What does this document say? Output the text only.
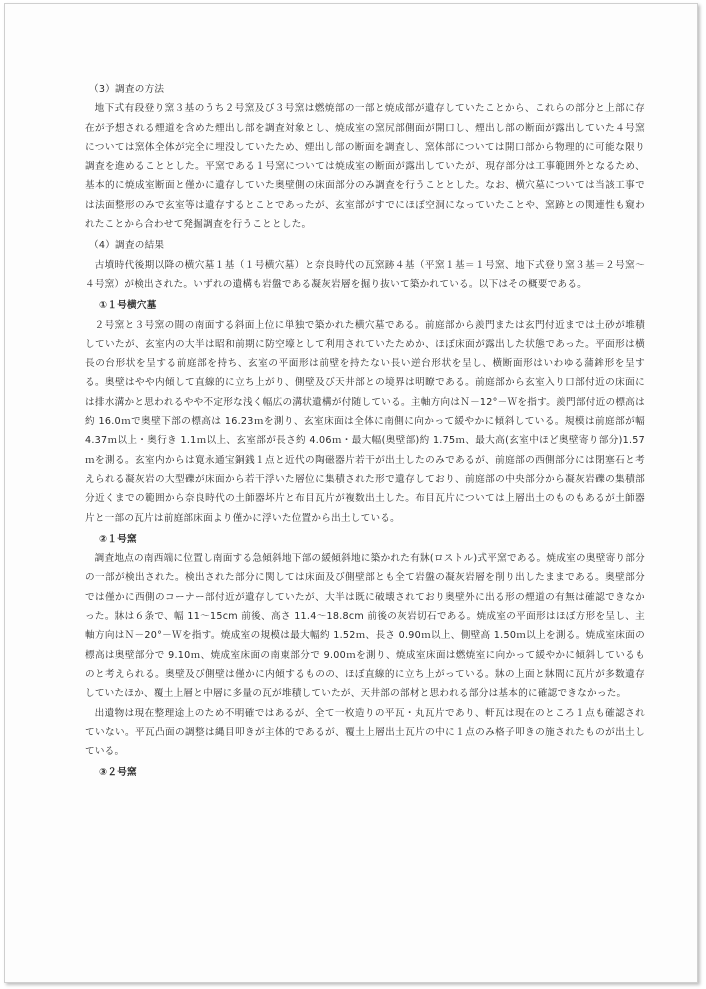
（3）調査の方法

地下式有段登り窯３基のうち２号窯及び３号窯は燃焼部の一部と焼成部が遺存していたことから、これらの部分と上部に存在が予想される煙道を含めた煙出し部を調査対象とし、焼成室の窯尻部側面が開口し、煙出し部の断面が露出していた４号窯については窯体全体が完全に埋没していたため、煙出し部の断面を調査し、窯体部については開口部から物理的に可能な限り調査を進めることとした。平窯である１号窯については焼成室の断面が露出していたが、現存部分は工事範囲外となるため、基本的に焼成室断面と僅かに遺存していた奥壁側の床面部分のみ調査を行うこととした。なお、横穴墓については当該工事では法面整形のみで玄室等は遺存するとことであったが、玄室部がすでにほぼ空洞になっていたことや、窯跡との関連性も窺われたことから合わせて発掘調査を行うこととした。

（4）調査の結果

古墳時代後期以降の横穴墓１基（１号横穴墓）と奈良時代の瓦窯跡４基（平窯１基＝１号窯、地下式登り窯３基＝２号窯～４号窯）が検出された。いずれの遺構も岩盤である凝灰岩層を掘り抜いて築かれている。以下はその概要である。

①１号横穴墓

２号窯と３号窯の間の南面する斜面上位に単独で築かれた横穴墓である。前庭部から羨門または玄門付近までは土砂が堆積していたが、玄室内の大半は昭和前期に防空壕として利用されていたためか、ほぼ床面が露出した状態であった。平面形は横長の台形状を呈する前庭部を持ち、玄室の平面形は前壁を持たない長い逆台形状を呈し、横断面形はいわゆる蒲鉾形を呈する。奥壁はやや内傾して直線的に立ち上がり、側壁及び天井部との境界は明瞭である。前庭部から玄室入り口部付近の床面には排水溝かと思われるやや不定形な浅く幅広の溝状遺構が付随している。主軸方向はＮ－12°－Ｗを指す。羨門部付近の標高は約 16.0ｍで奥壁下部の標高は 16.23ｍを測り、玄室床面は全体に南側に向かって緩やかに傾斜している。規模は前庭部が幅 4.37ｍ以上・奥行き 1.1ｍ以上、玄室部が長さ約 4.06ｍ・最大幅(奥壁部)約 1.75ｍ、最大高(玄室中ほど奥壁寄り部分)1.57ｍを測る。玄室内からは寛永通宝銅銭１点と近代の陶磁器片若干が出土したのみであるが、前庭部の西側部分には閉塞石と考えられる凝灰岩の大型礫が床面から若干浮いた層位に集積された形で遺存しており、前庭部の中央部分から凝灰岩礫の集積部分近くまでの範囲から奈良時代の土師器坏片と布目瓦片が複数出土した。布目瓦片については上層出土のものもあるが土師器片と一部の瓦片は前庭部床面より僅かに浮いた位置から出土している。

②１号窯

調査地点の南西端に位置し南面する急傾斜地下部の緩傾斜地に築かれた有牀(ロストル)式平窯である。焼成室の奥壁寄り部分の一部が検出された。検出された部分に関しては床面及び側壁部とも全て岩盤の凝灰岩層を削り出したままである。奥壁部分では僅かに西側のコーナー部付近が遺存していたが、大半は既に破壊されており奥壁外に出る形の煙道の有無は確認できなかった。牀は６条で、幅 11～15cm 前後、高さ 11.4～18.8cm 前後の灰岩切石である。焼成室の平面形はほぼ方形を呈し、主軸方向はＮ－20°－Ｗを指す。焼成室の規模は最大幅約 1.52ｍ、長さ 0.90ｍ以上、側壁高 1.50ｍ以上を測る。焼成室床面の標高は奥壁部分で 9.10ｍ、焼成室床面の南東部分で 9.00ｍを測り、焼成室床面は燃焼室に向かって緩やかに傾斜しているものと考えられる。奥壁及び側壁は僅かに内傾するものの、ほぼ直線的に立ち上がっている。牀の上面と牀間に瓦片が多数遺存していたほか、覆土上層と中層に多量の瓦が堆積していたが、天井部の部材と思われる部分は基本的に確認できなかった。

出遺物は現在整理途上のため不明確ではあるが、全て一枚造りの平瓦・丸瓦片であり、軒瓦は現在のところ１点も確認されていない。平瓦凸面の調整は縄目叩きが主体的であるが、覆土上層出土瓦片の中に１点のみ格子叩きの施されたものが出土している。

③２号窯
